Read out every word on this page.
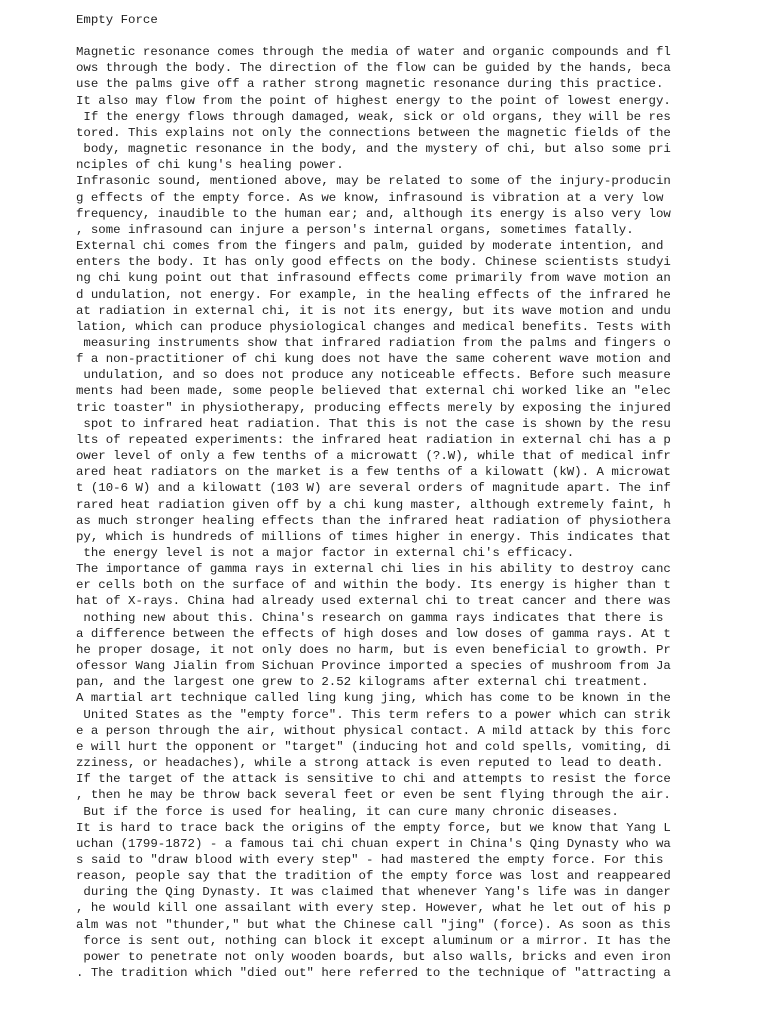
Empty Force
Magnetic resonance comes through the media of water and organic compounds and fl
ows through the body. The direction of the flow can be guided by the hands, beca
use the palms give off a rather strong magnetic resonance during this practice.
It also may flow from the point of highest energy to the point of lowest energy.
If the energy flows through damaged, weak, sick or old organs, they will be res
tored. This explains not only the connections between the magnetic fields of the
body, magnetic resonance in the body, and the mystery of chi, but also some pri
nciples of chi kung's healing power.
Infrasonic sound, mentioned above, may be related to some of the injury-producin
g effects of the empty force. As we know, infrasound is vibration at a very low
frequency, inaudible to the human ear; and, although its energy is also very low
, some infrasound can injure a person's internal organs, sometimes fatally.
External chi comes from the fingers and palm, guided by moderate intention, and
enters the body. It has only good effects on the body. Chinese scientists studyi
ng chi kung point out that infrasound effects come primarily from wave motion an
d undulation, not energy. For example, in the healing effects of the infrared he
at radiation in external chi, it is not its energy, but its wave motion and undu
lation, which can produce physiological changes and medical benefits. Tests with
measuring instruments show that infrared radiation from the palms and fingers o
f a non-practitioner of chi kung does not have the same coherent wave motion and
undulation, and so does not produce any noticeable effects. Before such measure
ments had been made, some people believed that external chi worked like an "elec
tric toaster" in physiotherapy, producing effects merely by exposing the injured
spot to infrared heat radiation. That this is not the case is shown by the resu
lts of repeated experiments: the infrared heat radiation in external chi has a p
ower level of only a few tenths of a microwatt (?.W), while that of medical infr
ared heat radiators on the market is a few tenths of a kilowatt (kW). A microwat
t (10-6 W) and a kilowatt (103 W) are several orders of magnitude apart. The inf
rared heat radiation given off by a chi kung master, although extremely faint, h
as much stronger healing effects than the infrared heat radiation of physiothera
py, which is hundreds of millions of times higher in energy. This indicates that
the energy level is not a major factor in external chi's efficacy.
The importance of gamma rays in external chi lies in his ability to destroy canc
er cells both on the surface of and within the body. Its energy is higher than t
hat of X-rays. China had already used external chi to treat cancer and there was
nothing new about this. China's research on gamma rays indicates that there is
a difference between the effects of high doses and low doses of gamma rays. At t
he proper dosage, it not only does no harm, but is even beneficial to growth. Pr
ofessor Wang Jialin from Sichuan Province imported a species of mushroom from Ja
pan, and the largest one grew to 2.52 kilograms after external chi treatment.
A martial art technique called ling kung jing, which has come to be known in the
United States as the "empty force". This term refers to a power which can strik
e a person through the air, without physical contact. A mild attack by this forc
e will hurt the opponent or "target" (inducing hot and cold spells, vomiting, di
zziness, or headaches), while a strong attack is even reputed to lead to death.
If the target of the attack is sensitive to chi and attempts to resist the force
, then he may be throw back several feet or even be sent flying through the air.
But if the force is used for healing, it can cure many chronic diseases.
It is hard to trace back the origins of the empty force, but we know that Yang L
uchan (1799-1872) - a famous tai chi chuan expert in China's Qing Dynasty who wa
s said to "draw blood with every step" - had mastered the empty force. For this
reason, people say that the tradition of the empty force was lost and reappeared
during the Qing Dynasty. It was claimed that whenever Yang's life was in danger
, he would kill one assailant with every step. However, what he let out of his p
alm was not "thunder," but what the Chinese call "jing" (force). As soon as this
force is sent out, nothing can block it except aluminum or a mirror. It has the
power to penetrate not only wooden boards, but also walls, bricks and even iron
. The tradition which "died out" here referred to the technique of "attracting a
